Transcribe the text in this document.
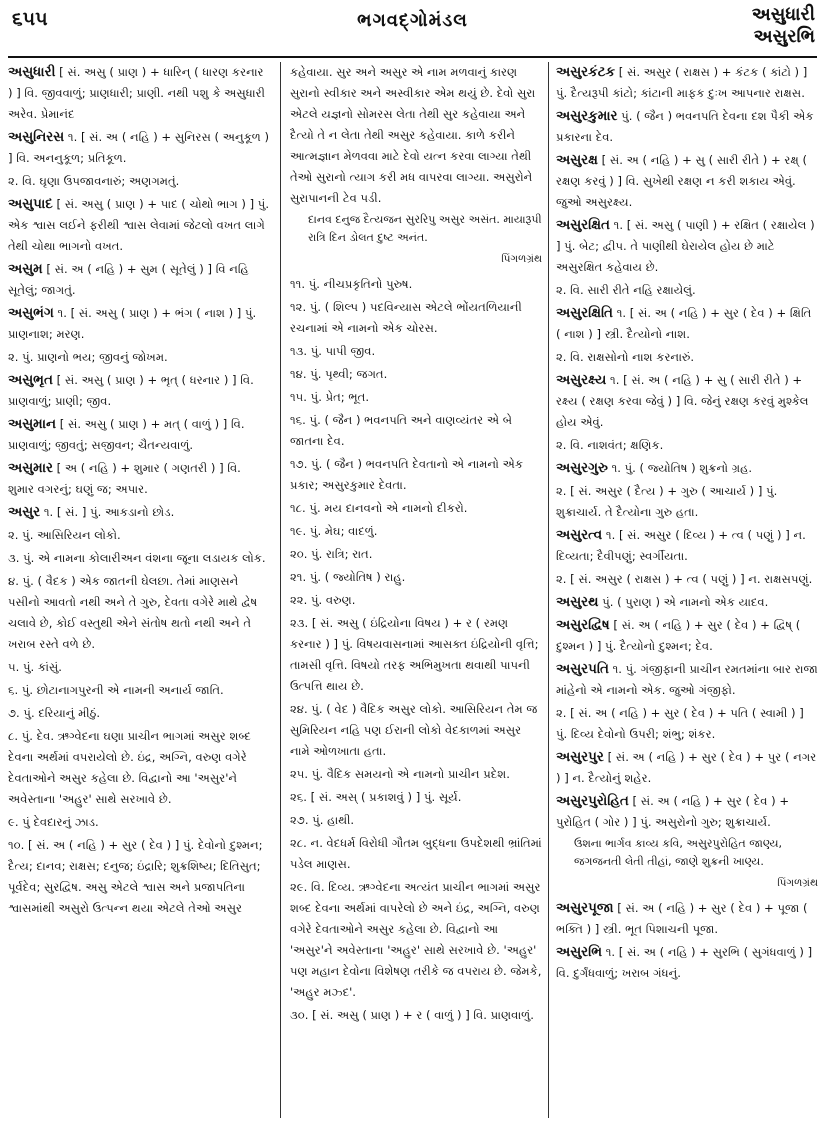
૬૫૫	ભગવદ્ગોમંડલ	અસુધારી
અસુરભિ

અસુધારી [ સં. અસુ ( પ્રાણ ) + ધારિન્ ( ધારણ કરનાર ) ] વિ. જીવવાળું; પ્રાણધારી; પ્રાણી. નથી પશુ કે અસુધારી અરેવ. પ્રેમાનંદ

અસુનિરસ ૧. [ સં. અ ( નહિ ) + સુનિરસ ( અનુકૂળ ) ] વિ. અનનુકૂળ; પ્રતિકૂળ.

૨. વિ. ઘૃણા ઉપજાવનારું; અણગમતું.

અસુપાદ [ સં. અસુ ( પ્રાણ ) + પાદ ( ચોથો ભાગ ) ] પું. એક શ્વાસ લઈને ફરીથી શ્વાસ લેવામાં જેટલો વખત લાગે તેથી ચોથા ભાગનો વખત.

અસુમ [ સં. અ ( નહિ ) + સુમ ( સૂતેલું ) ] વિ નહિ સૂતેલું; જાગતું.

અસુભંગ ૧. [ સં. અસુ ( પ્રાણ ) + ભંગ ( નાશ ) ] પું. પ્રાણનાશ; મરણ.

૨. પું. પ્રાણનો ભય; જીવનું જોખમ.

અસુભૃત [ સં. અસુ ( પ્રાણ ) + ભૃત્ ( ધરનાર ) ] વિ. પ્રાણવાળું; પ્રાણી; જીવ.

અસુમાન [ સં. અસુ ( પ્રાણ ) + મત્ ( વાળું ) ] વિ. પ્રાણવાળું; જીવતું; સજીવન; ચૈતન્યવાળું.

અસુમાર [ અ ( નહિ ) + શુમાર ( ગણતરી ) ] વિ. શુમાર વગરનું; ઘણું જ; અપાર.

અસુર ૧. [ સં. ] પું. આકડાનો છોડ.

૨. પું. આસિરિયન લોકો.

૩. પું. એ નામના કોલારીઅન વંશના જૂના લડાયક લોક.

૪. પું. ( વૈદક ) એક જાતની ઘેલછા. તેમાં માણસને પસીનો આવતો નથી અને તે ગુરુ, દેવતા વગેરે માથે દ્વેષ ચલાવે છે, કોઈ વસ્તુથી એને સંતોષ થતો નથી અને તે ખરાબ રસ્તે વળે છે.

૫. પું. કાંસું.

૬. પું. છોટાનાગપુરની એ નામની અનાર્ય જાતિ.

૭. પું. દરિયાનું મીઠું.

૮. પું. દેવ. ઋગ્વેદના ઘણા પ્રાચીન ભાગમાં અસુર શબ્દ દેવના અર્થમાં વપરાયેલો છે. ઇંદ્ર, અગ્નિ, વરુણ વગેરે દેવતાઓને અસુર કહેલા છે. વિદ્વાનો આ 'અસુર'ને અવેસ્તાના 'અહુર' સાથે સરખાવે છે.

૯. પું દેવદારનું ઝાડ.

૧૦. [ સં. અ ( નહિ ) + સુર ( દેવ ) ] પું. દેવોનો દુશ્મન; દૈત્ય; દાનવ; રાક્ષસ; દનુજ; ઇંદ્રારિ; શુક્રશિષ્ય; દિતિસુત; પૂર્વદેવ; સુરદ્વિષ. અસુ એટલે શ્વાસ અને પ્રજાપતિના શ્વાસમાંથી અસુરો ઉત્પન્ન થયા એટલે તેઓ અસુર

કહેવાયા. સુર અને અસુર એ નામ મળવાનું કારણ સુરાનો સ્વીકાર અને અસ્વીકાર એમ થયું છે. દેવો સુરા એટલે યજ્ઞનો સોમરસ લેતા તેથી સુર કહેવાયા અને દૈત્યો તે ન લેતા તેથી અસુર કહેવાયા. કાળે કરીને આત્મજ્ઞાન મેળવવા માટે દેવો યત્ન કરવા લાગ્યા તેથી તેઓ સુરાનો ત્યાગ કરી મધ વાપરવા લાગ્યા. અસુરોને સુરાપાનની ટેવ પડી.

દાનવ દનુજ દૈત્યજન સુરરિપુ અસુર અસંત. માયારૂપી રાત્રિ દિન ડોલત દુષ્ટ અનંત.

પિંગળગ્રંથ

૧૧. પું. નીચપ્રકૃતિનો પુરુષ.

૧૨. પું. ( શિલ્પ ) પદવિન્યાસ એટલે ભોંયતળિયાની રચનામાં એ નામનો એક ચોરસ.

૧૩. પું. પાપી જીવ.

૧૪. પું. પૃથ્વી; જગત.

૧૫. પું. પ્રેત; ભૂત.

૧૬. પું. ( જૈન ) ભવનપતિ અને વાણવ્યંતર એ બે જાતના દેવ.

૧૭. પું. ( જૈન ) ભવનપતિ દેવતાનો એ નામનો એક પ્રકાર; અસુરકુમાર દેવતા.

૧૮. પું. મય દાનવનો એ નામનો દીકરો.

૧૯. પું. મેઘ; વાદળું.

૨૦. પું. રાત્રિ; રાત.

૨૧. પું. ( જ્યોતિષ ) રાહુ.

૨૨. પું. વરુણ.

૨૩. [ સં. અસુ ( ઇંદ્રિયોના વિષય ) + ર ( રમણ કરનાર ) ] પું. વિષયવાસનામાં આસક્ત ઇંદ્રિયોની વૃત્તિ; તામસી વૃત્તિ. વિષયો તરફ અભિમુખતા થવાથી પાપની ઉત્પત્તિ થાય છે.

૨૪. પું. ( વેદ ) વૈદિક અસુર લોકો. આસિરિયન તેમ જ સુમિરિયન નહિ પણ ઈરાની લોકો વેદકાળમાં અસુર નામે ઓળખાતા હતા.

૨૫. પું. વૈદિક સમયનો એ નામનો પ્રાચીન પ્રદેશ.

૨૬. [ સં. અસ્ ( પ્રકાશવું ) ] પું. સૂર્ય.

૨૭. પું. હાથી.

૨૮. ન. વેદધર્મ વિરોધી ગૌતમ બુદ્ધના ઉપદેશથી ભ્રાંતિમાં પડેલ માણસ.

૨૯. વિ. દિવ્ય. ઋગ્વેદના અત્યંત પ્રાચીન ભાગમાં અસુર શબ્દ દેવના અર્થમાં વાપરેલો છે અને ઇંદ્ર, અગ્નિ, વરુણ વગેરે દેવતાઓને અસુર કહેલા છે. વિદ્વાનો આ 'અસુર'ને અવેસ્તાના 'અહુર' સાથે સરખાવે છે. 'અહુર' પણ મહાન દેવોના વિશેષણ તરીકે જ વપરાય છે. જેમકે, 'અહુર મઝ્દ'.

૩૦. [ સં. અસુ ( પ્રાણ ) + ર ( વાળું ) ] વિ. પ્રાણવાળું.

અસુરકંટક [ સં. અસુર ( રાક્ષસ ) + કંટક ( કાંટો ) ] પું. દૈત્યરૂપી કાંટો; કાંટાની માફક દુઃખ આપનાર રાક્ષસ.

અસુરકુમાર પું. ( જૈન ) ભવનપતિ દેવના દશ પૈકી એક પ્રકારના દેવ.

અસુરક્ષ [ સં. અ ( નહિ ) + સુ ( સારી રીતે ) + રક્ષ્ ( રક્ષણ કરવું ) ] વિ. સુખેથી રક્ષણ ન કરી શકાય એવું. જુઓ અસુરક્ષ્ય.

અસુરક્ષિત ૧. [ સં. અસુ ( પાણી ) + રક્ષિત ( રક્ષાયેલ ) ] પું. બેટ; દ્વીપ. તે પાણીથી ઘેરાયેલ હોય છે માટે અસુરક્ષિત કહેવાય છે.

૨. વિ. સારી રીતે નહિ રક્ષાયેલું.

અસુરક્ષિતિ ૧. [ સં. અ ( નહિ ) + સુર ( દેવ ) + ક્ષિતિ ( નાશ ) ] સ્ત્રી. દૈત્યોનો નાશ.

૨. વિ. રાક્ષસોનો નાશ કરનારું.

અસુરક્ષ્ય ૧. [ સં. અ ( નહિ ) + સુ ( સારી રીતે ) + રક્ષ્ય ( રક્ષણ કરવા જેવું ) ] વિ. જેનું રક્ષણ કરવું મુશ્કેલ હોય એવું.

૨. વિ. નાશવંત; ક્ષણિક.

અસુરગુરુ ૧. પું. ( જ્યોતિષ ) શુક્રનો ગ્રહ.

૨. [ સં. અસુર ( દૈત્ય ) + ગુરુ ( આચાર્ય ) ] પું. શુક્રાચાર્ય. તે દૈત્યોના ગુરુ હતા.

અસુરત્વ ૧. [ સં. અસુર ( દિવ્ય ) + ત્વ ( પણું ) ] ન. દિવ્યતા; દૈવીપણું; સ્વર્ગીયતા.

૨. [ સં. અસુર ( રાક્ષસ ) + ત્વ ( પણું ) ] ન. રાક્ષસપણું.

અસુરથ પું. ( પુરાણ ) એ નામનો એક યાદવ.

અસુરદ્વિષ [ સં. અ ( નહિ ) + સુર ( દેવ ) + દ્વિષ્ ( દુશ્મન ) ] પું. દૈત્યોનો દુશ્મન; દેવ.

અસુરપતિ ૧. પું. ગંજીફાની પ્રાચીન રમતમાંના બાર રાજા માંહેનો એ નામનો એક. જુઓ ગંજીફો.

૨. [ સં. અ ( નહિ ) + સુર ( દેવ ) + પતિ ( સ્વામી ) ] પું. દિવ્ય દેવોનો ઉપરી; શંભુ; શંકર.

અસુરપુર [ સં. અ ( નહિ ) + સુર ( દેવ ) + પુર ( નગર ) ] ન. દૈત્યોનું શહેર.

અસુરપુરોહિત [ સં. અ ( નહિ ) + સુર ( દેવ ) + પુરોહિત ( ગોર ) ] પું. અસુરોનો ગુરુ; શુક્રાચાર્ય.

ઉશના ભાર્ગવ કાવ્ય કવિ, અસુરપુરોહિત જાણ્ય, જગજનતી લેતી તીહાં, જાણે શુક્રની ખાણ્ય.

પિંગળગ્રંથ

અસુરપૂજા [ સં. અ ( નહિ ) + સુર ( દેવ ) + પૂજા ( ભક્તિ ) ] સ્ત્રી. ભૂત પિશાચની પૂજા.

અસુરભિ ૧. [ સં. અ ( નહિ ) + સુરભિ ( સુગંધવાળું ) ] વિ. દુર્ગંધવાળું; ખરાબ ગંધનું.
